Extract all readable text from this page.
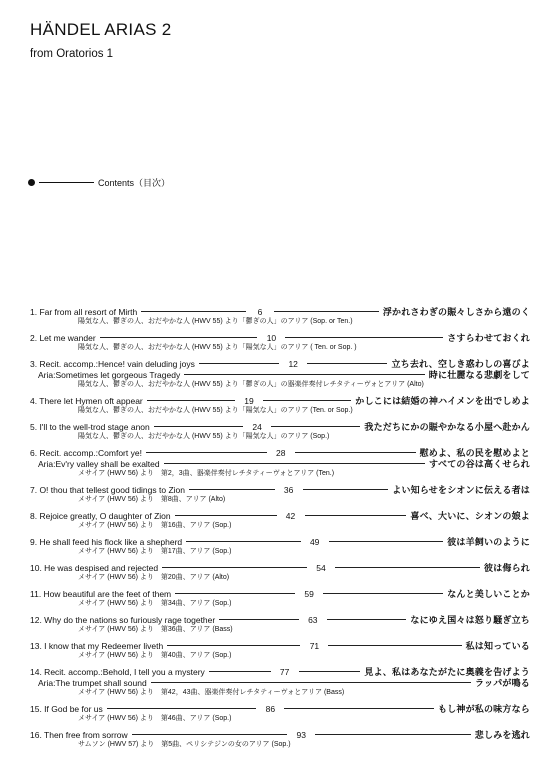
HÄNDEL ARIAS 2
from Oratorios 1
Contents（目次）
1. Far from all resort of Mirth	6	浮かれさわぎの賑々しさから遠のく
陽気な人、鬱ぎの人、おだやかな人 (HWV 55) より「鬱ぎの人」のアリア (Sop. or Ten.)
2. Let me wander	10	さすらわせておくれ
陽気な人、鬱ぎの人、おだやかな人 (HWV 55) より「陽気な人」のアリア ( Ten. or Sop. )
3. Recit. accomp.:Hence! vain deluding joys	12	立ち去れ、空しき惑わしの喜びよ
Aria:Sometimes let gorgeous Tragedy	時に壮麗なる悲劇をして
陽気な人、鬱ぎの人、おだやかな人 (HWV 55) より「鬱ぎの人」の器楽伴奏付レチタティーヴォとアリア (Alto)
4. There let Hymen oft appear	19	かしこには結婚の神ハイメンを出でしめよ
陽気な人、鬱ぎの人、おだやかな人 (HWV 55) より「陽気な人」のアリア (Ten. or Sop.)
5. I'll to the well-trod stage anon	24	我ただちにかの賑やかなる小屋へ赴かん
陽気な人、鬱ぎの人、おだやかな人 (HWV 55) より「陽気な人」のアリア (Sop.)
6. Recit. accomp.:Comfort ye!	28	慰めよ、私の民を慰めよと
Aria:Ev'ry valley shall be exalted	すべての谷は高くせられ
メサイア (HWV 56) より　第2，3曲、器楽伴奏付レチタティーヴォとアリア (Ten.)
7. O! thou that tellest good tidings to Zion	36	よい知らせをシオンに伝える者は
メサイア (HWV 56) より　第8曲、アリア (Alto)
8. Rejoice greatly, O daughter of Zion	42	喜べ、大いに、シオンの娘よ
メサイア (HWV 56) より　第16曲、アリア (Sop.)
9. He shall feed his flock like a shepherd	49	彼は羊飼いのように
メサイア (HWV 56) より　第17曲、アリア (Sop.)
10. He was despised and rejected	54	彼は侮られ
メサイア (HWV 56) より　第20曲、アリア (Alto)
11. How beautiful are the feet of them	59	なんと美しいことか
メサイア (HWV 56) より　第34曲、アリア (Sop.)
12. Why do the nations so furiously rage together	63	なにゆえ国々は怒り騒ぎ立ち
メサイア (HWV 56) より　第36曲、アリア (Bass)
13. I know that my Redeemer liveth	71	私は知っている
メサイア (HWV 56) より　第40曲、アリア (Sop.)
14. Recit. accomp.:Behold, I tell you a mystery	77	見よ、私はあなたがたに奥義を告げよう
Aria:The trumpet shall sound	ラッパが鳴る
メサイア (HWV 56) より　第42，43曲、器楽伴奏付レチタティーヴォとアリア (Bass)
15. If God be for us	86	もし神が私の味方なら
メサイア (HWV 56) より　第46曲、アリア (Sop.)
16. Then free from sorrow	93	悲しみを逃れ
サムソン (HWV 57) より　第5曲、ペリシテジンの女のアリア (Sop.)
